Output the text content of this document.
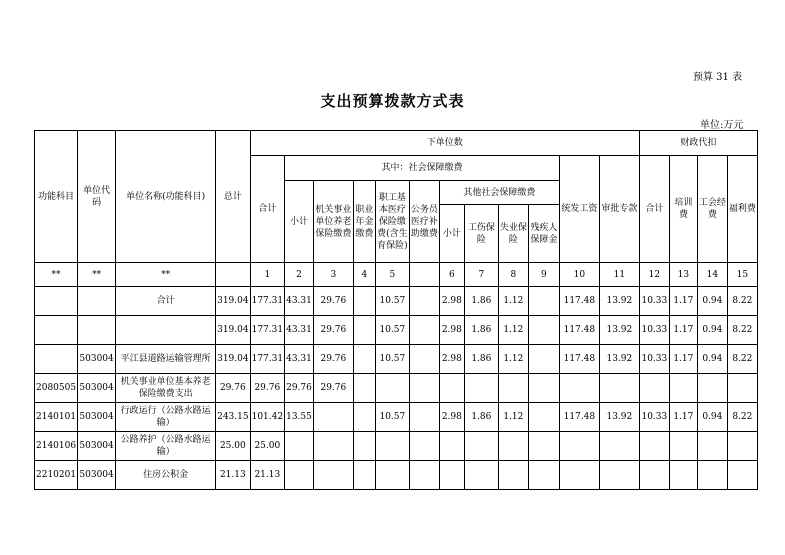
预算 31 表
支出预算拨款方式表
单位:万元
功能科目	单位代码	单位名称(功能科目)	总计	下单位数												财政代扣			
				合计	其中：社会保障缴费									统发工资	审批专款	合计	培训费	工会经费	福利费
					小计	机关事业单位养老保险缴费	职业年金缴费	职工基本医疗保险缴费(含生育保险)	公务员医疗补助缴费	其他社会保障缴费									
										小计	工伤保险	失业保险	残疾人保障金						
**	**	**		1	2	3	4	5		6	7	8	9	10	11	12	13	14	15
		合计	319.04	177.31	43.31	29.76		10.57		2.98	1.86	1.12		117.48	13.92	10.33	1.17	0.94	8.22
			319.04	177.31	43.31	29.76		10.57		2.98	1.86	1.12		117.48	13.92	10.33	1.17	0.94	8.22
	503004	平江县道路运输管理所	319.04	177.31	43.31	29.76		10.57		2.98	1.86	1.12		117.48	13.92	10.33	1.17	0.94	8.22
2080505	503004	机关事业单位基本养老保险缴费支出	29.76	29.76	29.76	29.76													
2140101	503004	行政运行（公路水路运输）	243.15	101.42	13.55			10.57		2.98	1.86	1.12		117.48	13.92	10.33	1.17	0.94	8.22
2140106	503004	公路养护（公路水路运输）	25.00	25.00															
2210201	503004	住房公积金	21.13	21.13															
